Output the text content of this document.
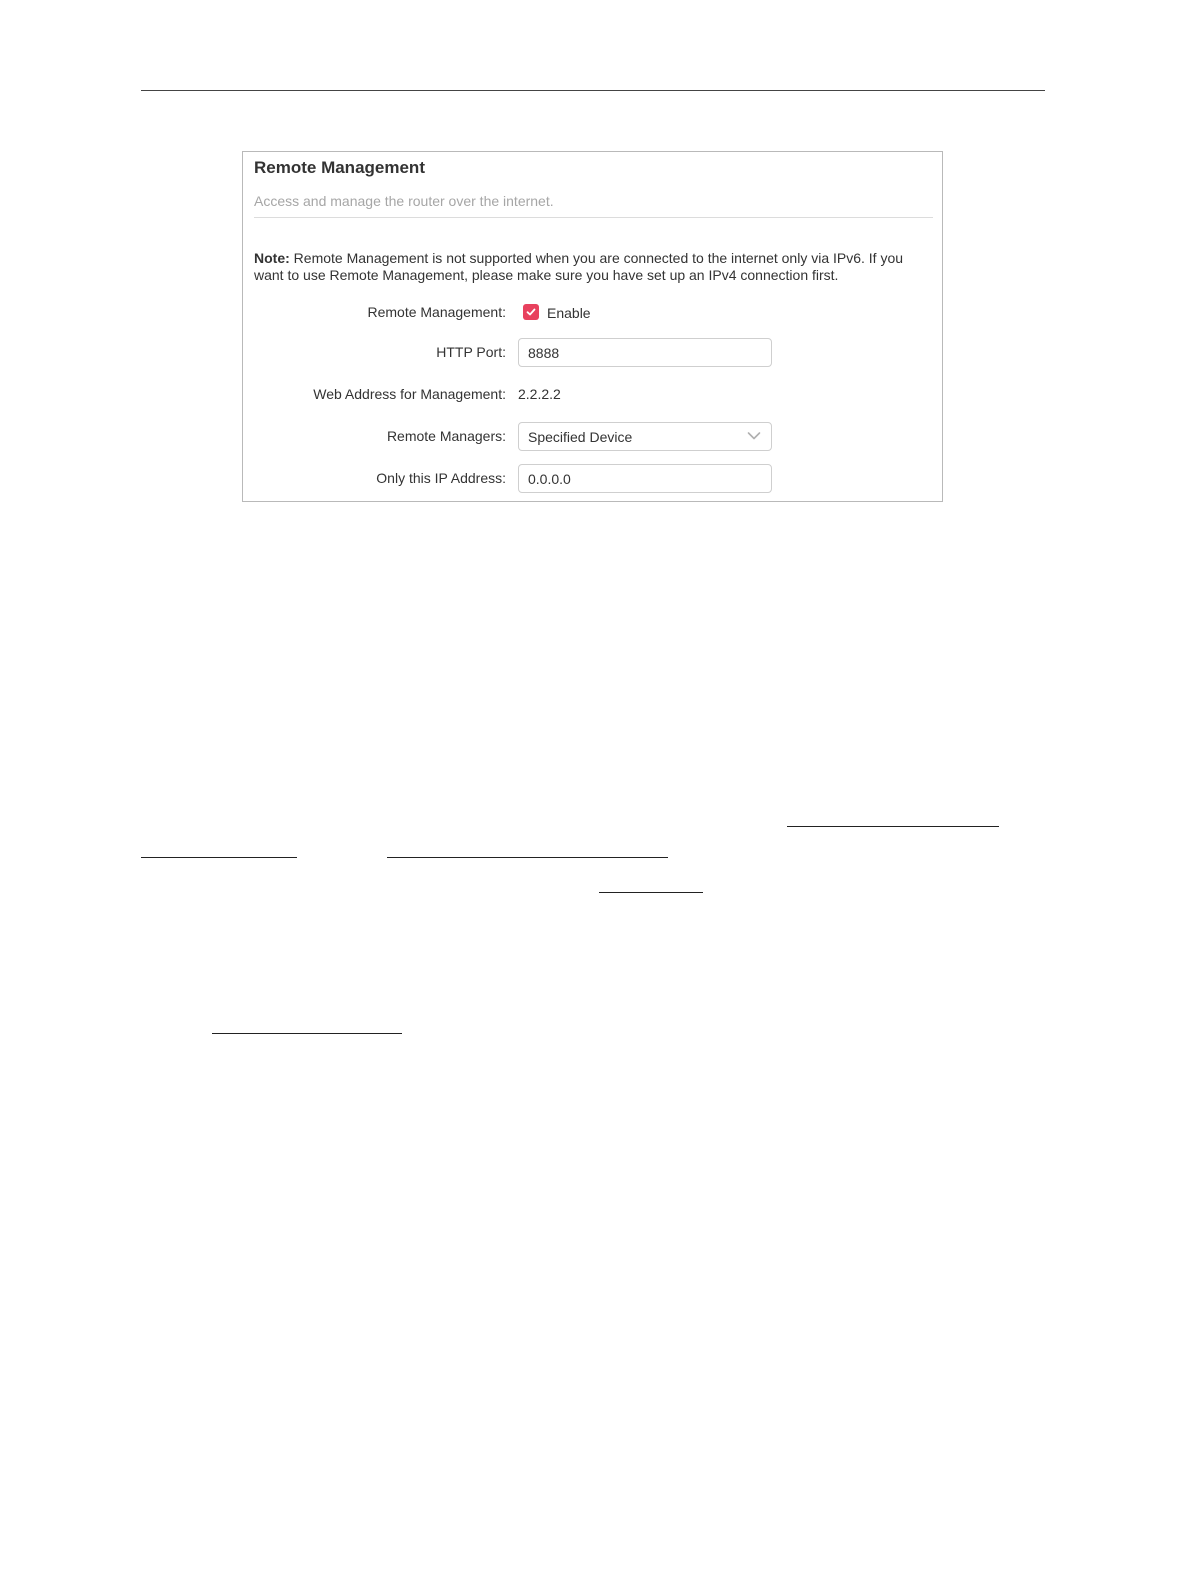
Remote Management
Access and manage the router over the internet.
Note: Remote Management is not supported when you are connected to the internet only via IPv6. If you want to use Remote Management, please make sure you have set up an IPv4 connection first.
Remote Management:	Enable
HTTP Port: 8888
Web Address for Management: 2.2.2.2
Remote Managers: Specified Device
Only this IP Address: 0.0.0.0
